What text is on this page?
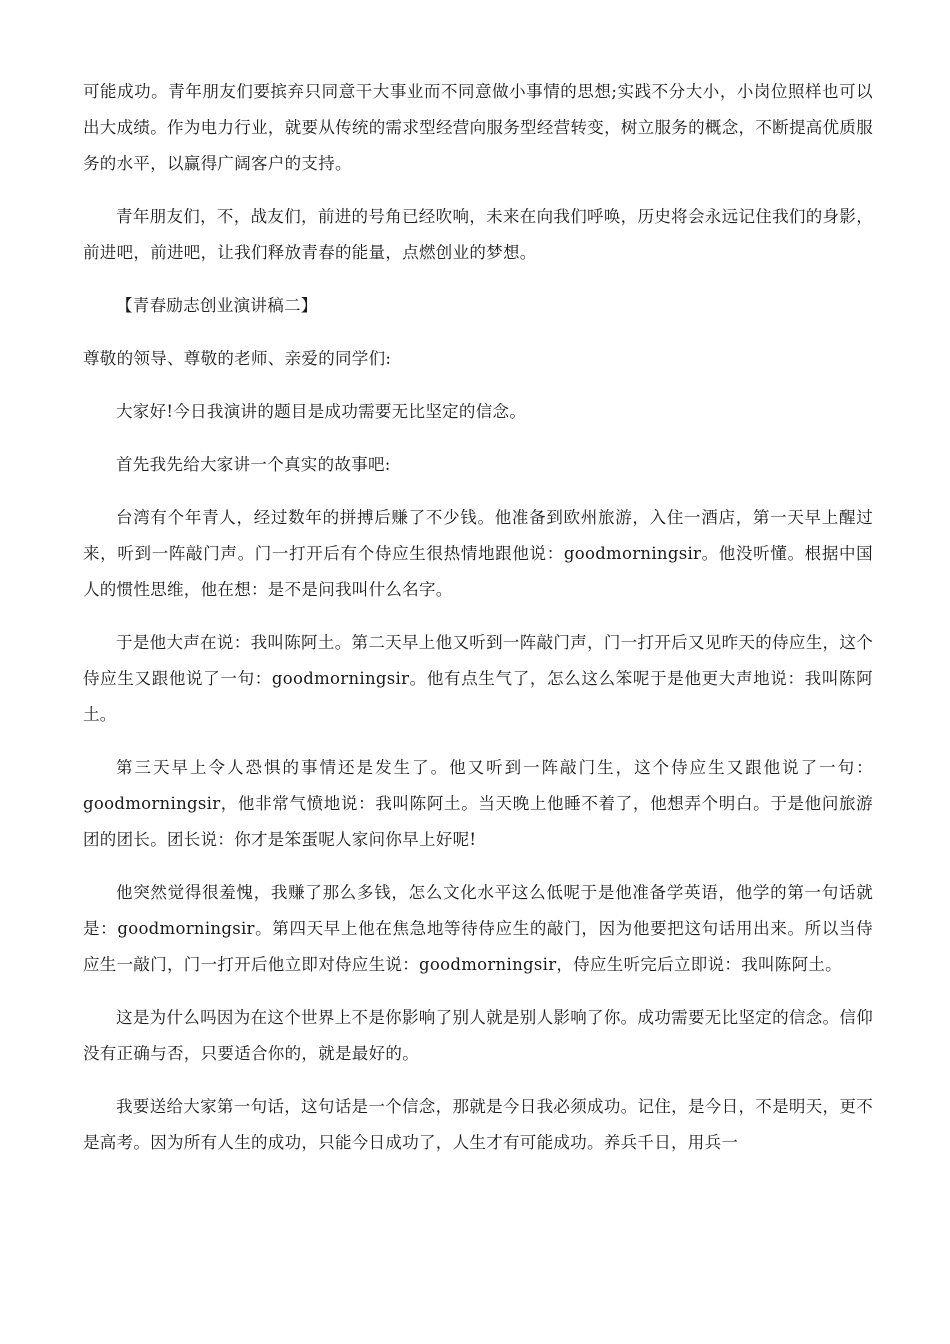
可能成功。青年朋友们要摈弃只同意干大事业而不同意做小事情的思想;实践不分大小，小岗位照样也可以出大成绩。作为电力行业，就要从传统的需求型经营向服务型经营转变，树立服务的概念，不断提高优质服务的水平，以赢得广阔客户的支持。

青年朋友们，不，战友们，前进的号角已经吹响，未来在向我们呼唤，历史将会永远记住我们的身影，前进吧，前进吧，让我们释放青春的能量，点燃创业的梦想。

【青春励志创业演讲稿二】

尊敬的领导、尊敬的老师、亲爱的同学们:

大家好!今日我演讲的题目是成功需要无比坚定的信念。

首先我先给大家讲一个真实的故事吧:

台湾有个年青人，经过数年的拼搏后赚了不少钱。他准备到欧州旅游，入住一酒店，第一天早上醒过来，听到一阵敲门声。门一打开后有个侍应生很热情地跟他说：goodmorningsir。他没听懂。根据中国人的惯性思维，他在想：是不是问我叫什么名字。

于是他大声在说：我叫陈阿土。第二天早上他又听到一阵敲门声，门一打开后又见昨天的侍应生，这个侍应生又跟他说了一句：goodmorningsir。他有点生气了，怎么这么笨呢于是他更大声地说：我叫陈阿土。

第三天早上令人恐惧的事情还是发生了。他又听到一阵敲门生，这个侍应生又跟他说了一句：goodmorningsir，他非常气愤地说：我叫陈阿土。当天晚上他睡不着了，他想弄个明白。于是他问旅游团的团长。团长说：你才是笨蛋呢人家问你早上好呢!

他突然觉得很羞愧，我赚了那么多钱，怎么文化水平这么低呢于是他准备学英语，他学的第一句话就是：goodmorningsir。第四天早上他在焦急地等待侍应生的敲门，因为他要把这句话用出来。所以当侍应生一敲门，门一打开后他立即对侍应生说：goodmorningsir，侍应生听完后立即说：我叫陈阿土。

这是为什么吗因为在这个世界上不是你影响了别人就是别人影响了你。成功需要无比坚定的信念。信仰没有正确与否，只要适合你的，就是最好的。

我要送给大家第一句话，这句话是一个信念，那就是今日我必须成功。记住，是今日，不是明天，更不是高考。因为所有人生的成功，只能今日成功了，人生才有可能成功。养兵千日，用兵一
